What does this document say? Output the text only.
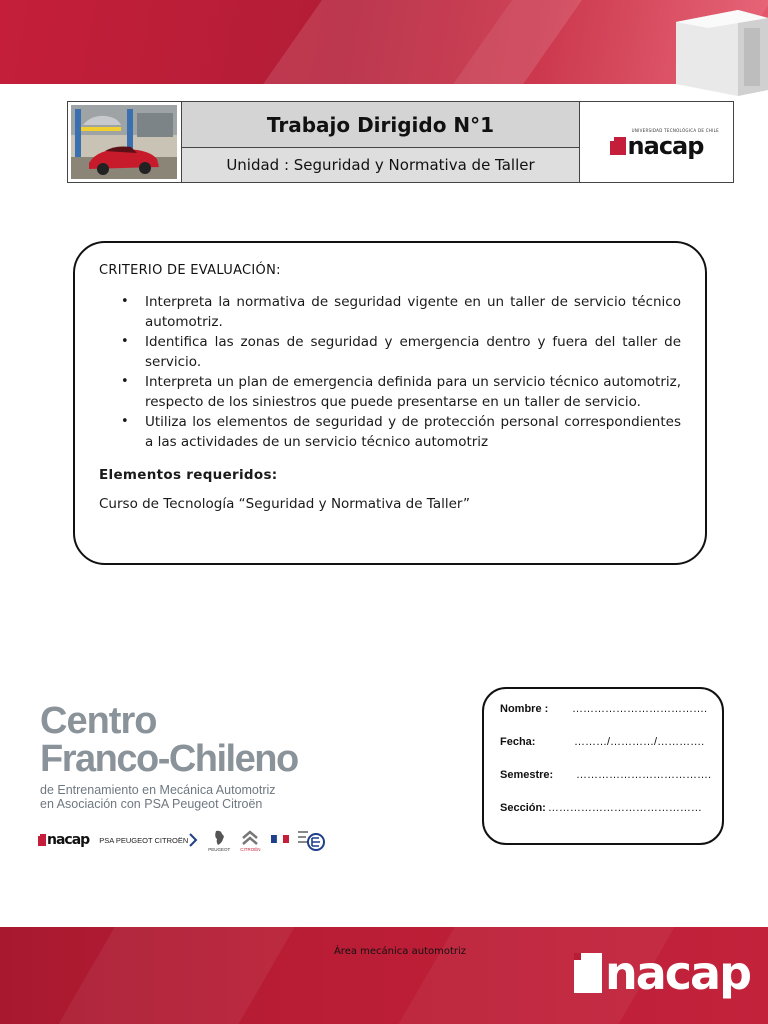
Trabajo Dirigido N°1
Unidad : Seguridad y Normativa de Taller
UNIVERSIDAD TECNOLÓGICA DE CHILE
nacap
CRITERIO DE EVALUACIÓN:
• Interpreta la normativa de seguridad vigente en un taller de servicio técnico automotriz.
• Identifica las zonas de seguridad y emergencia dentro y fuera del taller de servicio.
• Interpreta un plan de emergencia definida para un servicio técnico automotriz, respecto de los siniestros que puede presentarse en un taller de servicio.
• Utiliza los elementos de seguridad y de protección personal correspondientes a las actividades de un servicio técnico automotriz
Elementos requeridos:
Curso de Tecnología “Seguridad y Normativa de Taller”
Centro
Franco-Chileno
de Entrenamiento en Mecánica Automotriz
en Asociación con PSA Peugeot Citroën
nacap PSA PEUGEOT CITROËN
PEUGEOT CITROËN
Nombre :	……………………………….
Fecha:	………/…………/………….
Semestre:	……………………………….
Sección: ……………………………………
Área mecánica automotriz	nacap
